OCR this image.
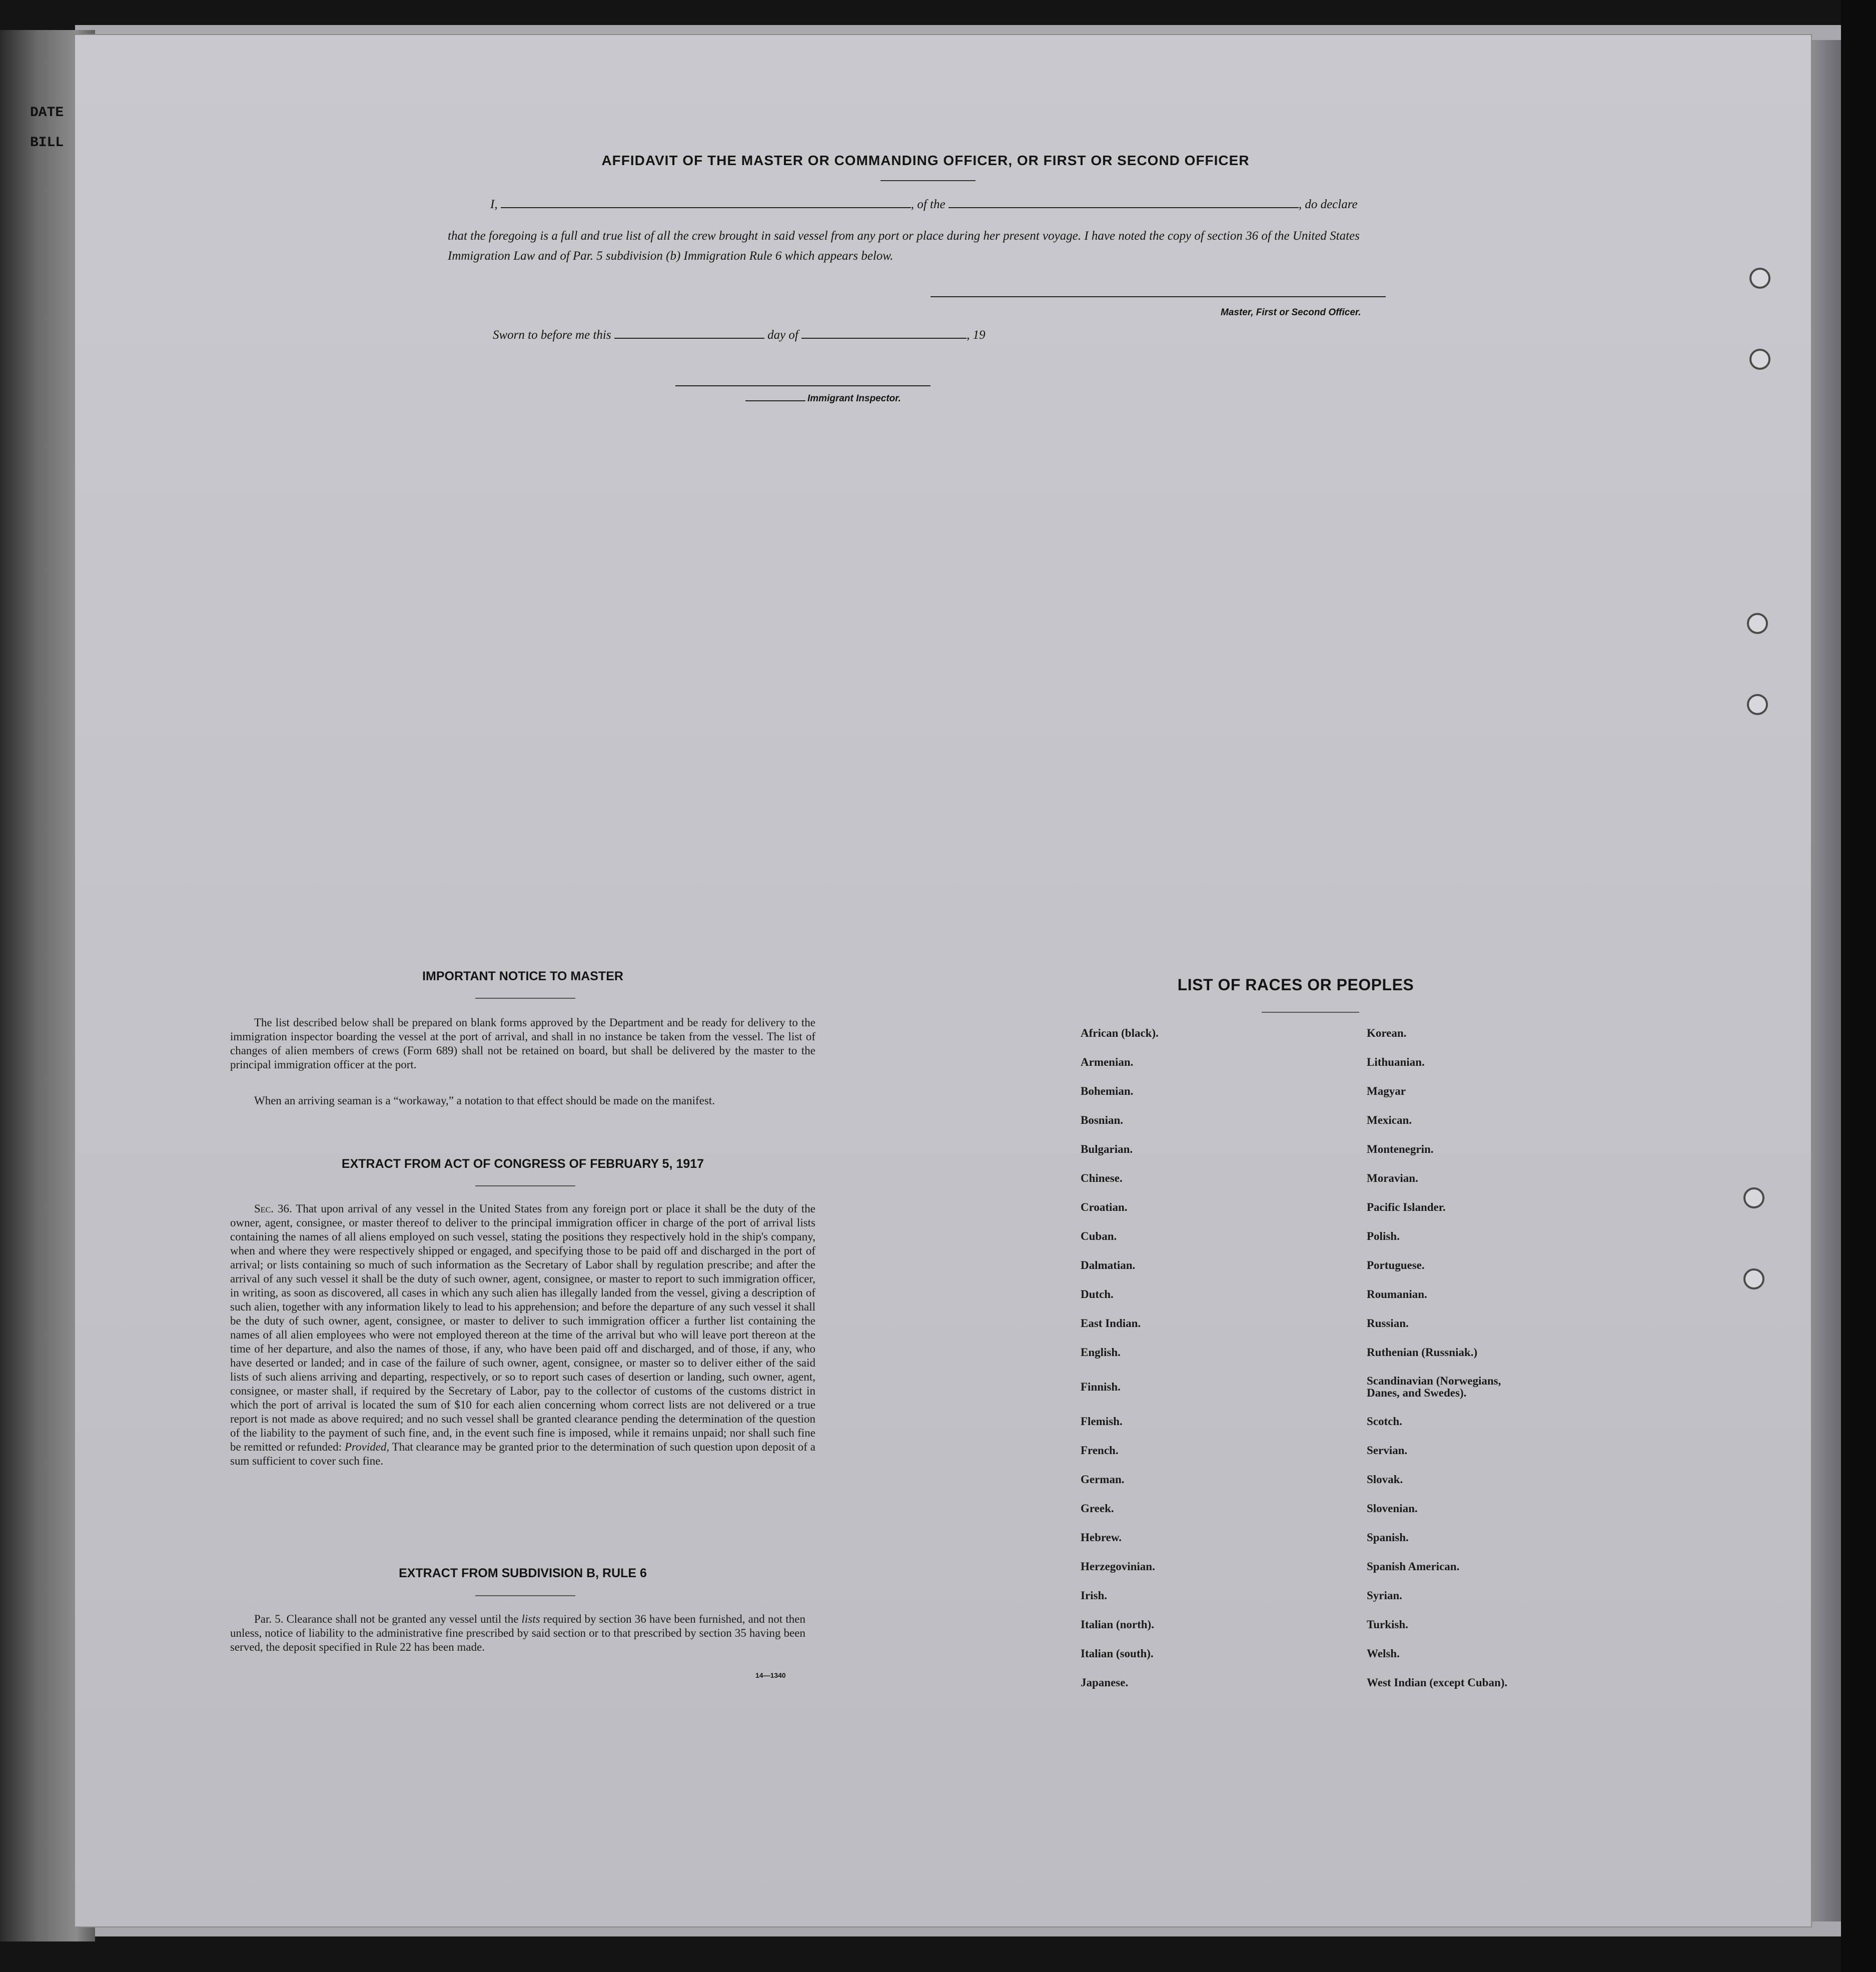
DATE
BILL
AFFIDAVIT OF THE MASTER OR COMMANDING OFFICER, OR FIRST OR SECOND OFFICER
I,	, of the	, do declare
that the foregoing is a full and true list of all the crew brought in said vessel from any port or place during her present voyage. I have noted the copy of section 36 of the United States Immigration Law and of Par. 5 subdivision (b) Immigration Rule 6 which appears below.
Master, First or Second Officer.
Sworn to before me this	day of	, 19
Immigrant Inspector.
IMPORTANT NOTICE TO MASTER
The list described below shall be prepared on blank forms approved by the Department and be ready for delivery to the immigration inspector boarding the vessel at the port of arrival, and shall in no instance be taken from the vessel. The list of changes of alien members of crews (Form 689) shall not be retained on board, but shall be delivered by the master to the principal immigration officer at the port.
When an arriving seaman is a “workaway,” a notation to that effect should be made on the manifest.
EXTRACT FROM ACT OF CONGRESS OF FEBRUARY 5, 1917
Sec. 36. That upon arrival of any vessel in the United States from any foreign port or place it shall be the duty of the owner, agent, consignee, or master thereof to deliver to the principal immigration officer in charge of the port of arrival lists containing the names of all aliens employed on such vessel, stating the positions they respectively hold in the ship's company, when and where they were respectively shipped or engaged, and specifying those to be paid off and discharged in the port of arrival; or lists containing so much of such information as the Secretary of Labor shall by regulation prescribe; and after the arrival of any such vessel it shall be the duty of such owner, agent, consignee, or master to report to such immigration officer, in writing, as soon as discovered, all cases in which any such alien has illegally landed from the vessel, giving a description of such alien, together with any information likely to lead to his apprehension; and before the departure of any such vessel it shall be the duty of such owner, agent, consignee, or master to deliver to such immigration officer a further list containing the names of all alien employees who were not employed thereon at the time of the arrival but who will leave port thereon at the time of her departure, and also the names of those, if any, who have been paid off and discharged, and of those, if any, who have deserted or landed; and in case of the failure of such owner, agent, consignee, or master so to deliver either of the said lists of such aliens arriving and departing, respectively, or so to report such cases of desertion or landing, such owner, agent, consignee, or master shall, if required by the Secretary of Labor, pay to the collector of customs of the customs district in which the port of arrival is located the sum of $10 for each alien concerning whom correct lists are not delivered or a true report is not made as above required; and no such vessel shall be granted clearance pending the determination of the question of the liability to the payment of such fine, and, in the event such fine is imposed, while it remains unpaid; nor shall such fine be remitted or refunded: Provided, That clearance may be granted prior to the determination of such question upon deposit of a sum sufficient to cover such fine.
EXTRACT FROM SUBDIVISION B, RULE 6
Par. 5. Clearance shall not be granted any vessel until the lists required by section 36 have been furnished, and not then unless, notice of liability to the administrative fine prescribed by said section or to that prescribed by section 35 having been served, the deposit specified in Rule 22 has been made.
14—1340
LIST OF RACES OR PEOPLES
African (black).
Armenian.
Bohemian.
Bosnian.
Bulgarian.
Chinese.
Croatian.
Cuban.
Dalmatian.
Dutch.
East Indian.
English.
Finnish.
Flemish.
French.
German.
Greek.
Hebrew.
Herzegovinian.
Irish.
Italian (north).
Italian (south).
Japanese.
Korean.
Lithuanian.
Magyar
Mexican.
Montenegrin.
Moravian.
Pacific Islander.
Polish.
Portuguese.
Roumanian.
Russian.
Ruthenian (Russniak.)
Scandinavian (Norwegians,
Danes, and Swedes).
Scotch.
Servian.
Slovak.
Slovenian.
Spanish.
Spanish American.
Syrian.
Turkish.
Welsh.
West Indian (except Cuban).
